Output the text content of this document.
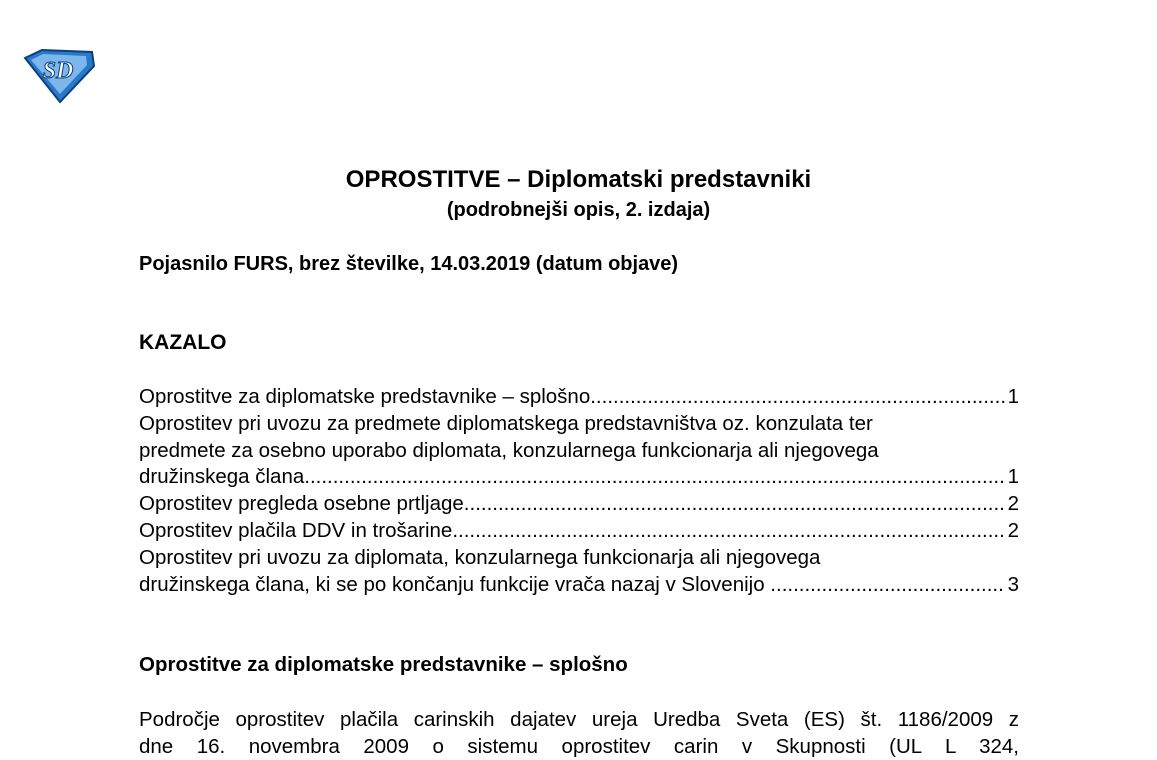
SD
OPROSTITVE – Diplomatski predstavniki
(podrobnejši opis, 2. izdaja)
Pojasnilo FURS, brez številke, 14.03.2019 (datum objave)
KAZALO
Oprostitve za diplomatske predstavnike – splošno .....	1
Oprostitev pri uvozu za predmete diplomatskega predstavništva oz. konzulata ter
predmete za osebno uporabo diplomata, konzularnega funkcionarja ali njegovega
družinskega člana .....	1
Oprostitev pregleda osebne prtljage .....	2
Oprostitev plačila DDV in trošarine .....	2
Oprostitev pri uvozu za diplomata, konzularnega funkcionarja ali njegovega
družinskega člana, ki se po končanju funkcije vrača nazaj v Slovenijo .....	3
Oprostitve za diplomatske predstavnike – splošno
Področje oprostitev plačila carinskih dajatev ureja Uredba Sveta (ES) št. 1186/2009 z
dne 16. novembra 2009 o sistemu oprostitev carin v Skupnosti (UL L 324,
